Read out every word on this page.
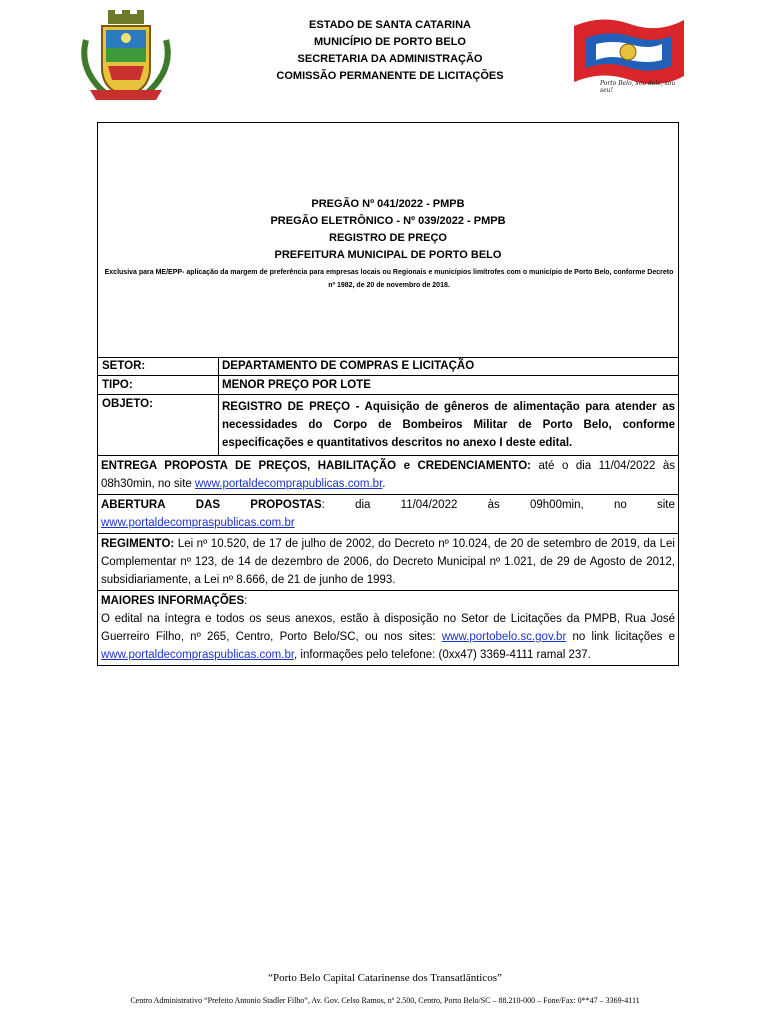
Porto Belo, sou dele, sou seu!
ESTADO DE SANTA CATARINA
MUNICÍPIO DE PORTO BELO
SECRETARIA DA ADMINISTRAÇÃO
COMISSÃO PERMANENTE DE LICITAÇÕES
PREGÃO Nº 041/2022 - PMPB
PREGÃO ELETRÔNICO - Nº 039/2022 - PMPB
REGISTRO DE PREÇO
PREFEITURA MUNICIPAL DE PORTO BELO
Exclusiva para ME/EPP- aplicação da margem de preferência para empresas locais ou Regionais e municípios limítrofes com o município de Porto Belo, conforme Decreto nº 1982, de 20 de novembro de 2018.
SETOR:	DEPARTAMENTO DE COMPRAS E LICITAÇÃO
TIPO:	MENOR PREÇO POR LOTE
OBJETO:	REGISTRO DE PREÇO - Aquisição de gêneros de alimentação para atender as necessidades do Corpo de Bombeiros Militar de Porto Belo, conforme especificações e quantitativos descritos no anexo I deste edital.
ENTREGA PROPOSTA DE PREÇOS, HABILITAÇÃO e CREDENCIAMENTO: até o dia 11/04/2022 às 08h30min, no site www.portaldecomprapublicas.com.br.
ABERTURA	DAS	PROPOSTAS:	dia	11/04/2022	às	09h00min,	no	site
www.portaldecompraspublicas.com.br
REGIMENTO: Lei nº 10.520, de 17 de julho de 2002, do Decreto nº 10.024, de 20 de setembro de 2019, da Lei Complementar nº 123, de 14 de dezembro de 2006, do Decreto Municipal nº 1.021, de 29 de Agosto de 2012, subsidiariamente, a Lei nº 8.666, de 21 de junho de 1993.
MAIORES INFORMAÇÕES:
O edital na íntegra e todos os seus anexos, estão à disposição no Setor de Licitações da PMPB, Rua José Guerreiro Filho, nº 265, Centro, Porto Belo/SC, ou nos sites: www.portobelo.sc.gov.br no link licitações e www.portaldecompraspublicas.com.br, informações pelo telefone: (0xx47) 3369-4111 ramal 237.
“Porto Belo Capital Catarinense dos Transatlânticos”
Centro Administrativo “Prefeito Antonio Stadler Filho”, Av. Gov. Celso Ramos, nº 2.500, Centro, Porto Belo/SC – 88.210-000 – Fone/Fax: 0**47 – 3369-4111
